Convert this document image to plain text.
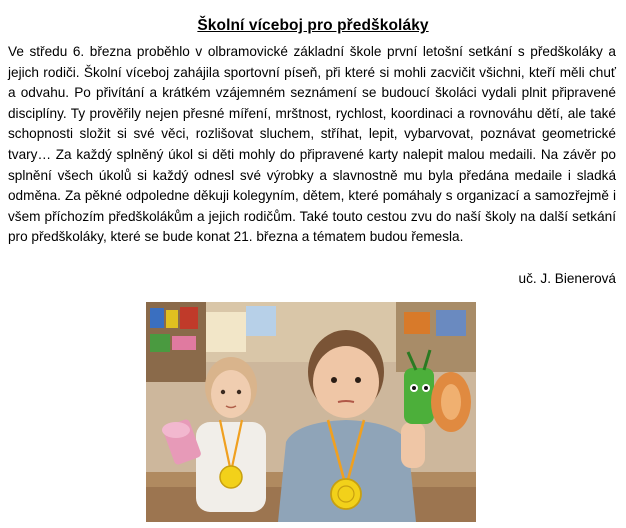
Školní víceboj pro předškoláky

Ve středu 6. března proběhlo v olbramovické základní škole první letošní setkání s předškoláky a jejich rodiči. Školní víceboj zahájila sportovní píseň, při které si mohli zacvičit všichni, kteří měli chuť a odvahu. Po přivítání a krátkém vzájemném seznámení se budoucí školáci vydali plnit připravené disciplíny. Ty prověřily nejen přesné míření, mrštnost, rychlost, koordinaci a rovnováhu dětí, ale také schopnosti složit si své věci, rozlišovat sluchem, stříhat, lepit, vybarvovat, poznávat geometrické tvary… Za každý splněný úkol si děti mohly do připravené karty nalepit malou medaili. Na závěr po splnění všech úkolů si každý odnesl své výrobky a slavnostně mu byla předána medaile i sladká odměna. Za pěkné odpoledne děkuji kolegyním, dětem, které pomáhaly s organizací a samozřejmě i všem příchozím předškolákům a jejich rodičům. Také touto cestou zvu do naší školy na další setkání pro předškoláky, které se bude konat 21. března a tématem budou řemesla.

uč. J. Bienerová
